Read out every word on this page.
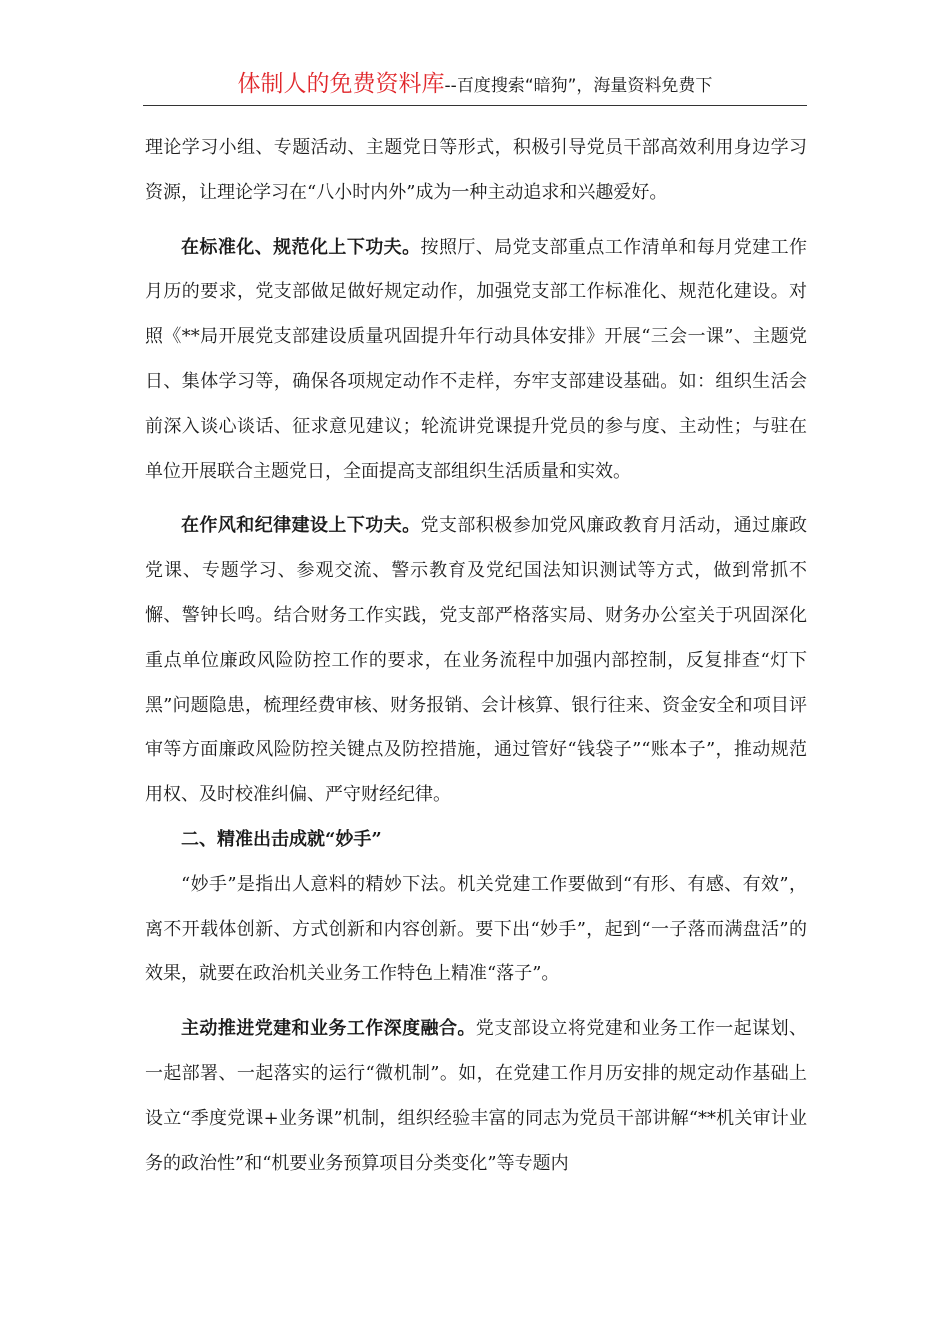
体制人的免费资料库--百度搜索“暗狗”，海量资料免费下

理论学习小组、专题活动、主题党日等形式，积极引导党员干部高效利用身边学习资源，让理论学习在“八小时内外”成为一种主动追求和兴趣爱好。

在标准化、规范化上下功夫。按照厅、局党支部重点工作清单和每月党建工作月历的要求，党支部做足做好规定动作，加强党支部工作标准化、规范化建设。对照《**局开展党支部建设质量巩固提升年行动具体安排》开展“三会一课”、主题党日、集体学习等，确保各项规定动作不走样，夯牢支部建设基础。如：组织生活会前深入谈心谈话、征求意见建议；轮流讲党课提升党员的参与度、主动性；与驻在单位开展联合主题党日，全面提高支部组织生活质量和实效。

在作风和纪律建设上下功夫。党支部积极参加党风廉政教育月活动，通过廉政党课、专题学习、参观交流、警示教育及党纪国法知识测试等方式，做到常抓不懈、警钟长鸣。结合财务工作实践，党支部严格落实局、财务办公室关于巩固深化重点单位廉政风险防控工作的要求，在业务流程中加强内部控制，反复排查“灯下黑”问题隐患，梳理经费审核、财务报销、会计核算、银行往来、资金安全和项目评审等方面廉政风险防控关键点及防控措施，通过管好“钱袋子”“账本子”，推动规范用权、及时校准纠偏、严守财经纪律。

二、精准出击成就“妙手”

“妙手”是指出人意料的精妙下法。机关党建工作要做到“有形、有感、有效”，离不开载体创新、方式创新和内容创新。要下出“妙手”，起到“一子落而满盘活”的效果，就要在政治机关业务工作特色上精准“落子”。

主动推进党建和业务工作深度融合。党支部设立将党建和业务工作一起谋划、一起部署、一起落实的运行“微机制”。如，在党建工作月历安排的规定动作基础上设立“季度党课+业务课”机制，组织经验丰富的同志为党员干部讲解“**机关审计业务的政治性”和“机要业务预算项目分类变化”等专题内
